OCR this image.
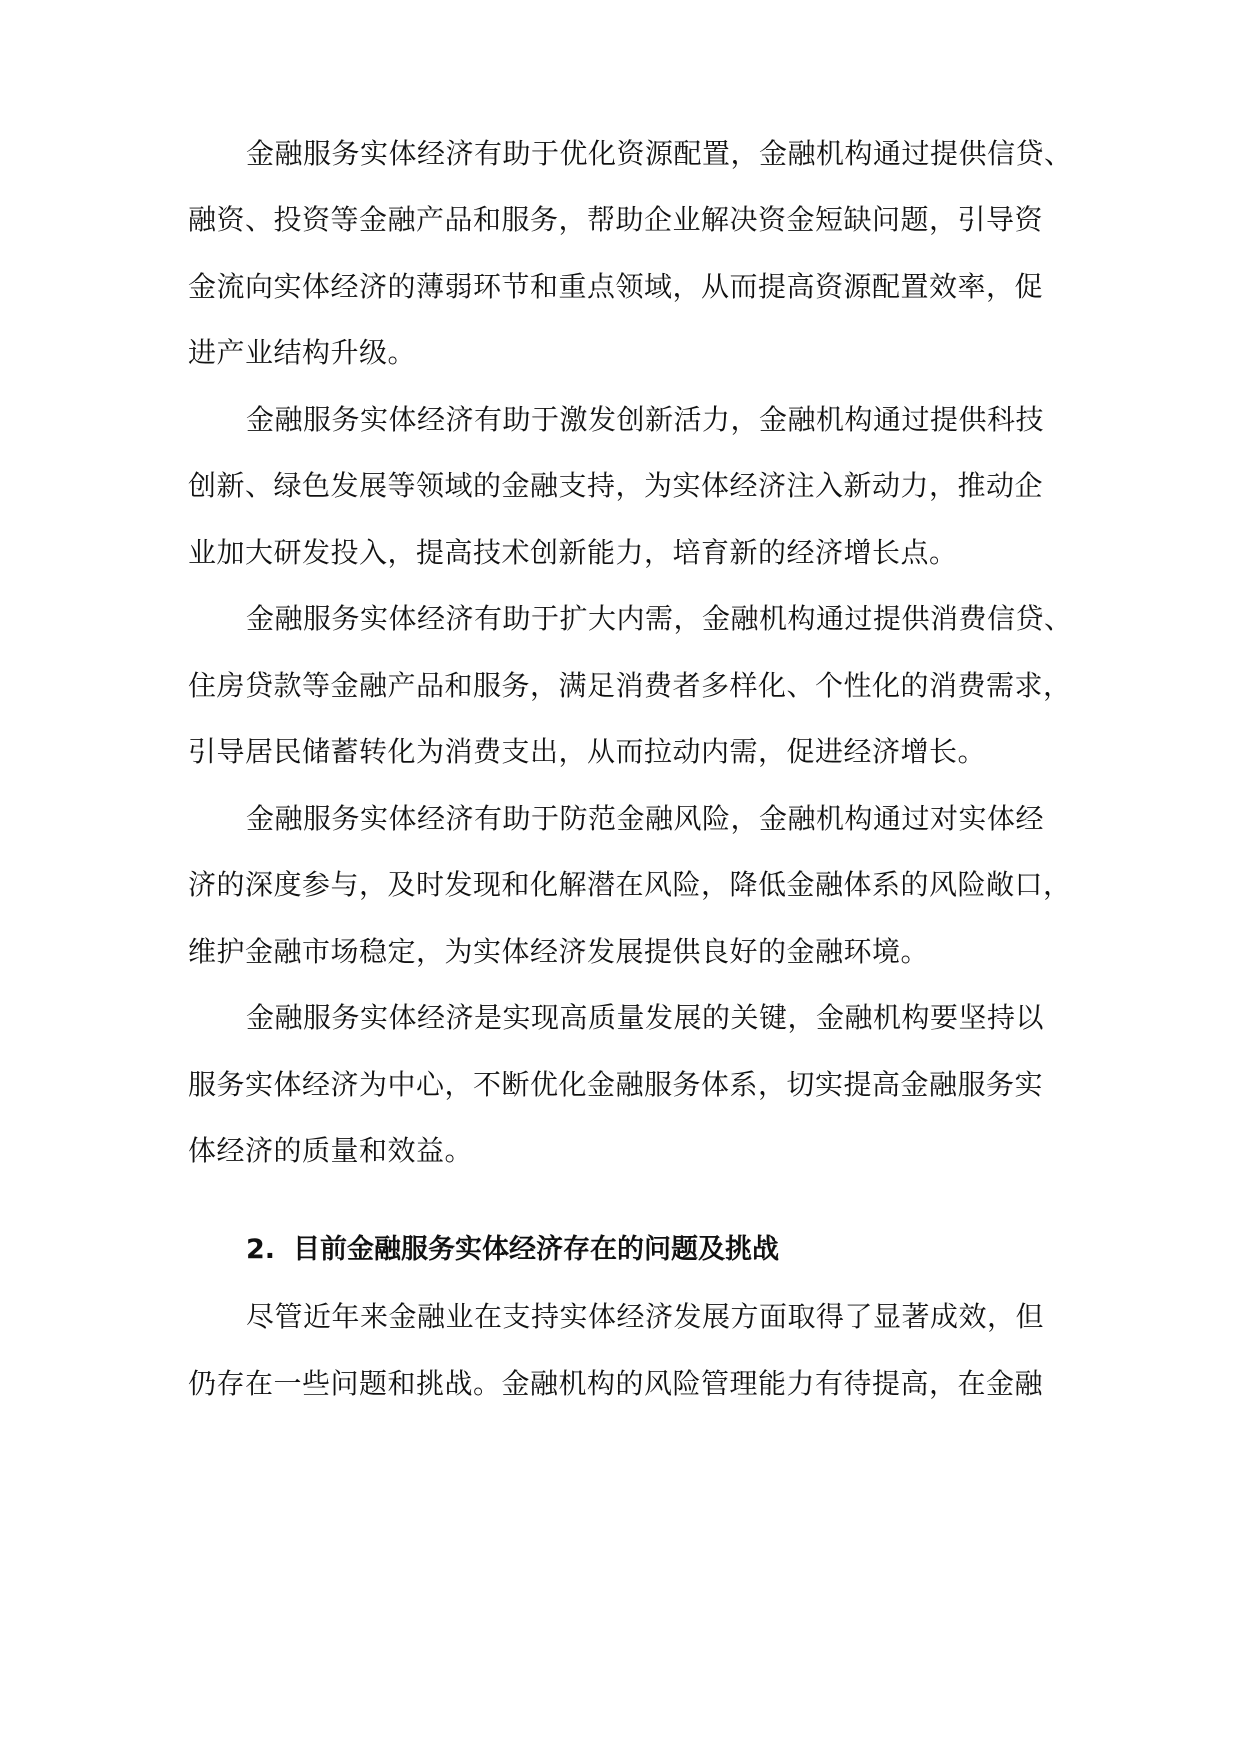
金融服务实体经济有助于优化资源配置，金融机构通过提供信贷、

融资、投资等金融产品和服务，帮助企业解决资金短缺问题，引导资

金流向实体经济的薄弱环节和重点领域，从而提高资源配置效率，促

进产业结构升级。

金融服务实体经济有助于激发创新活力，金融机构通过提供科技

创新、绿色发展等领域的金融支持，为实体经济注入新动力，推动企

业加大研发投入，提高技术创新能力，培育新的经济增长点。

金融服务实体经济有助于扩大内需，金融机构通过提供消费信贷、

住房贷款等金融产品和服务，满足消费者多样化、个性化的消费需求，

引导居民储蓄转化为消费支出，从而拉动内需，促进经济增长。

金融服务实体经济有助于防范金融风险，金融机构通过对实体经

济的深度参与，及时发现和化解潜在风险，降低金融体系的风险敞口，

维护金融市场稳定，为实体经济发展提供良好的金融环境。

金融服务实体经济是实现高质量发展的关键，金融机构要坚持以

服务实体经济为中心，不断优化金融服务体系，切实提高金融服务实

体经济的质量和效益。

2. 目前金融服务实体经济存在的问题及挑战

尽管近年来金融业在支持实体经济发展方面取得了显著成效，但

仍存在一些问题和挑战。金融机构的风险管理能力有待提高，在金融
